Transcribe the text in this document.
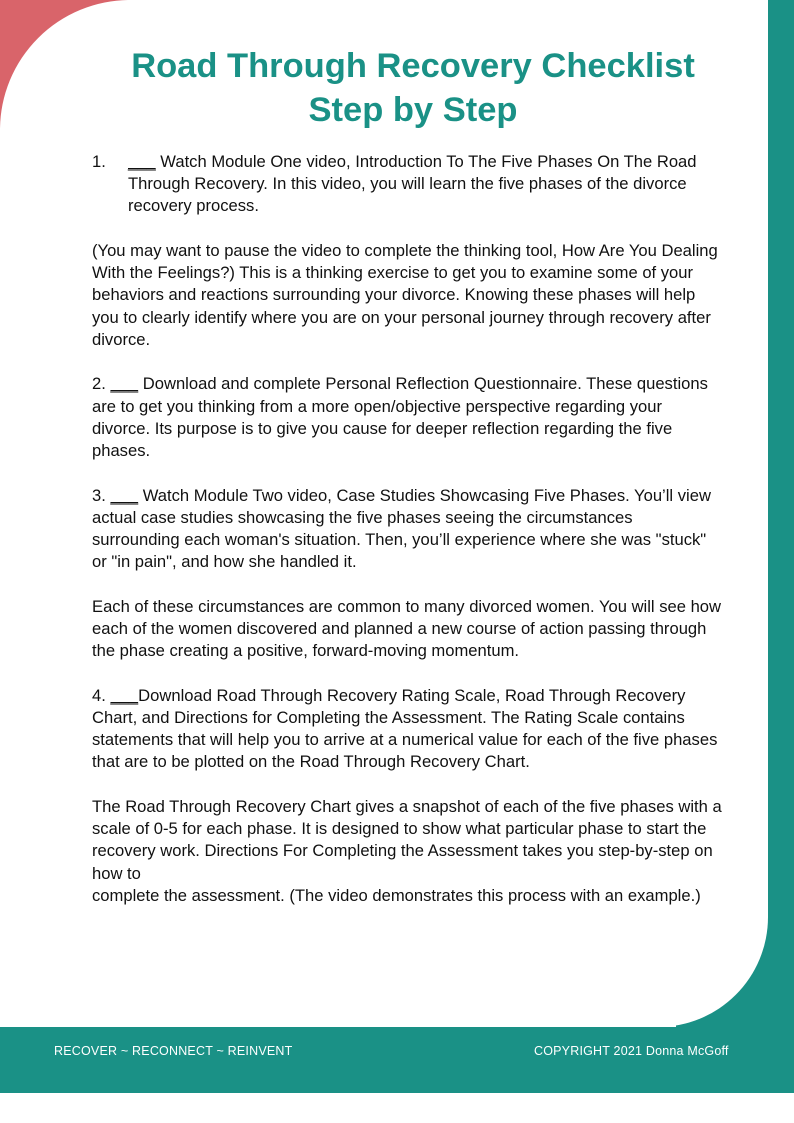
Road Through Recovery Checklist
Step by Step

1.	___ Watch Module One video, Introduction To The Five Phases On The Road Through Recovery. In this video, you will learn the five phases of the divorce recovery process.

(You may want to pause the video to complete the thinking tool, How Are You Dealing With the Feelings?) This is a thinking exercise to get you to examine some of your behaviors and reactions surrounding your divorce. Knowing these phases will help you to clearly identify where you are on your personal journey through recovery after divorce.

2. ___ Download and complete Personal Reflection Questionnaire. These questions are to get you thinking from a more open/objective perspective regarding your divorce. Its purpose is to give you cause for deeper reflection regarding the five phases.

3. ___ Watch Module Two video, Case Studies Showcasing Five Phases. You’ll view actual case studies showcasing the five phases seeing the circumstances surrounding each woman's situation. Then, you’ll experience where she was "stuck" or "in pain", and how she handled it.

Each of these circumstances are common to many divorced women. You will see how each of the women discovered and planned a new course of action passing through the phase creating a positive, forward-moving momentum.

4. ___Download Road Through Recovery Rating Scale, Road Through Recovery Chart, and Directions for Completing the Assessment. The Rating Scale contains statements that will help you to arrive at a numerical value for each of the five phases that are to be plotted on the Road Through Recovery Chart.

The Road Through Recovery Chart gives a snapshot of each of the five phases with a scale of 0-5 for each phase. It is designed to show what particular phase to start the recovery work. Directions For Completing the Assessment takes you step-by-step on how to
complete the assessment. (The video demonstrates this process with an example.)

RECOVER ~ RECONNECT ~ REINVENT	COPYRIGHT 2021 Donna McGoff
